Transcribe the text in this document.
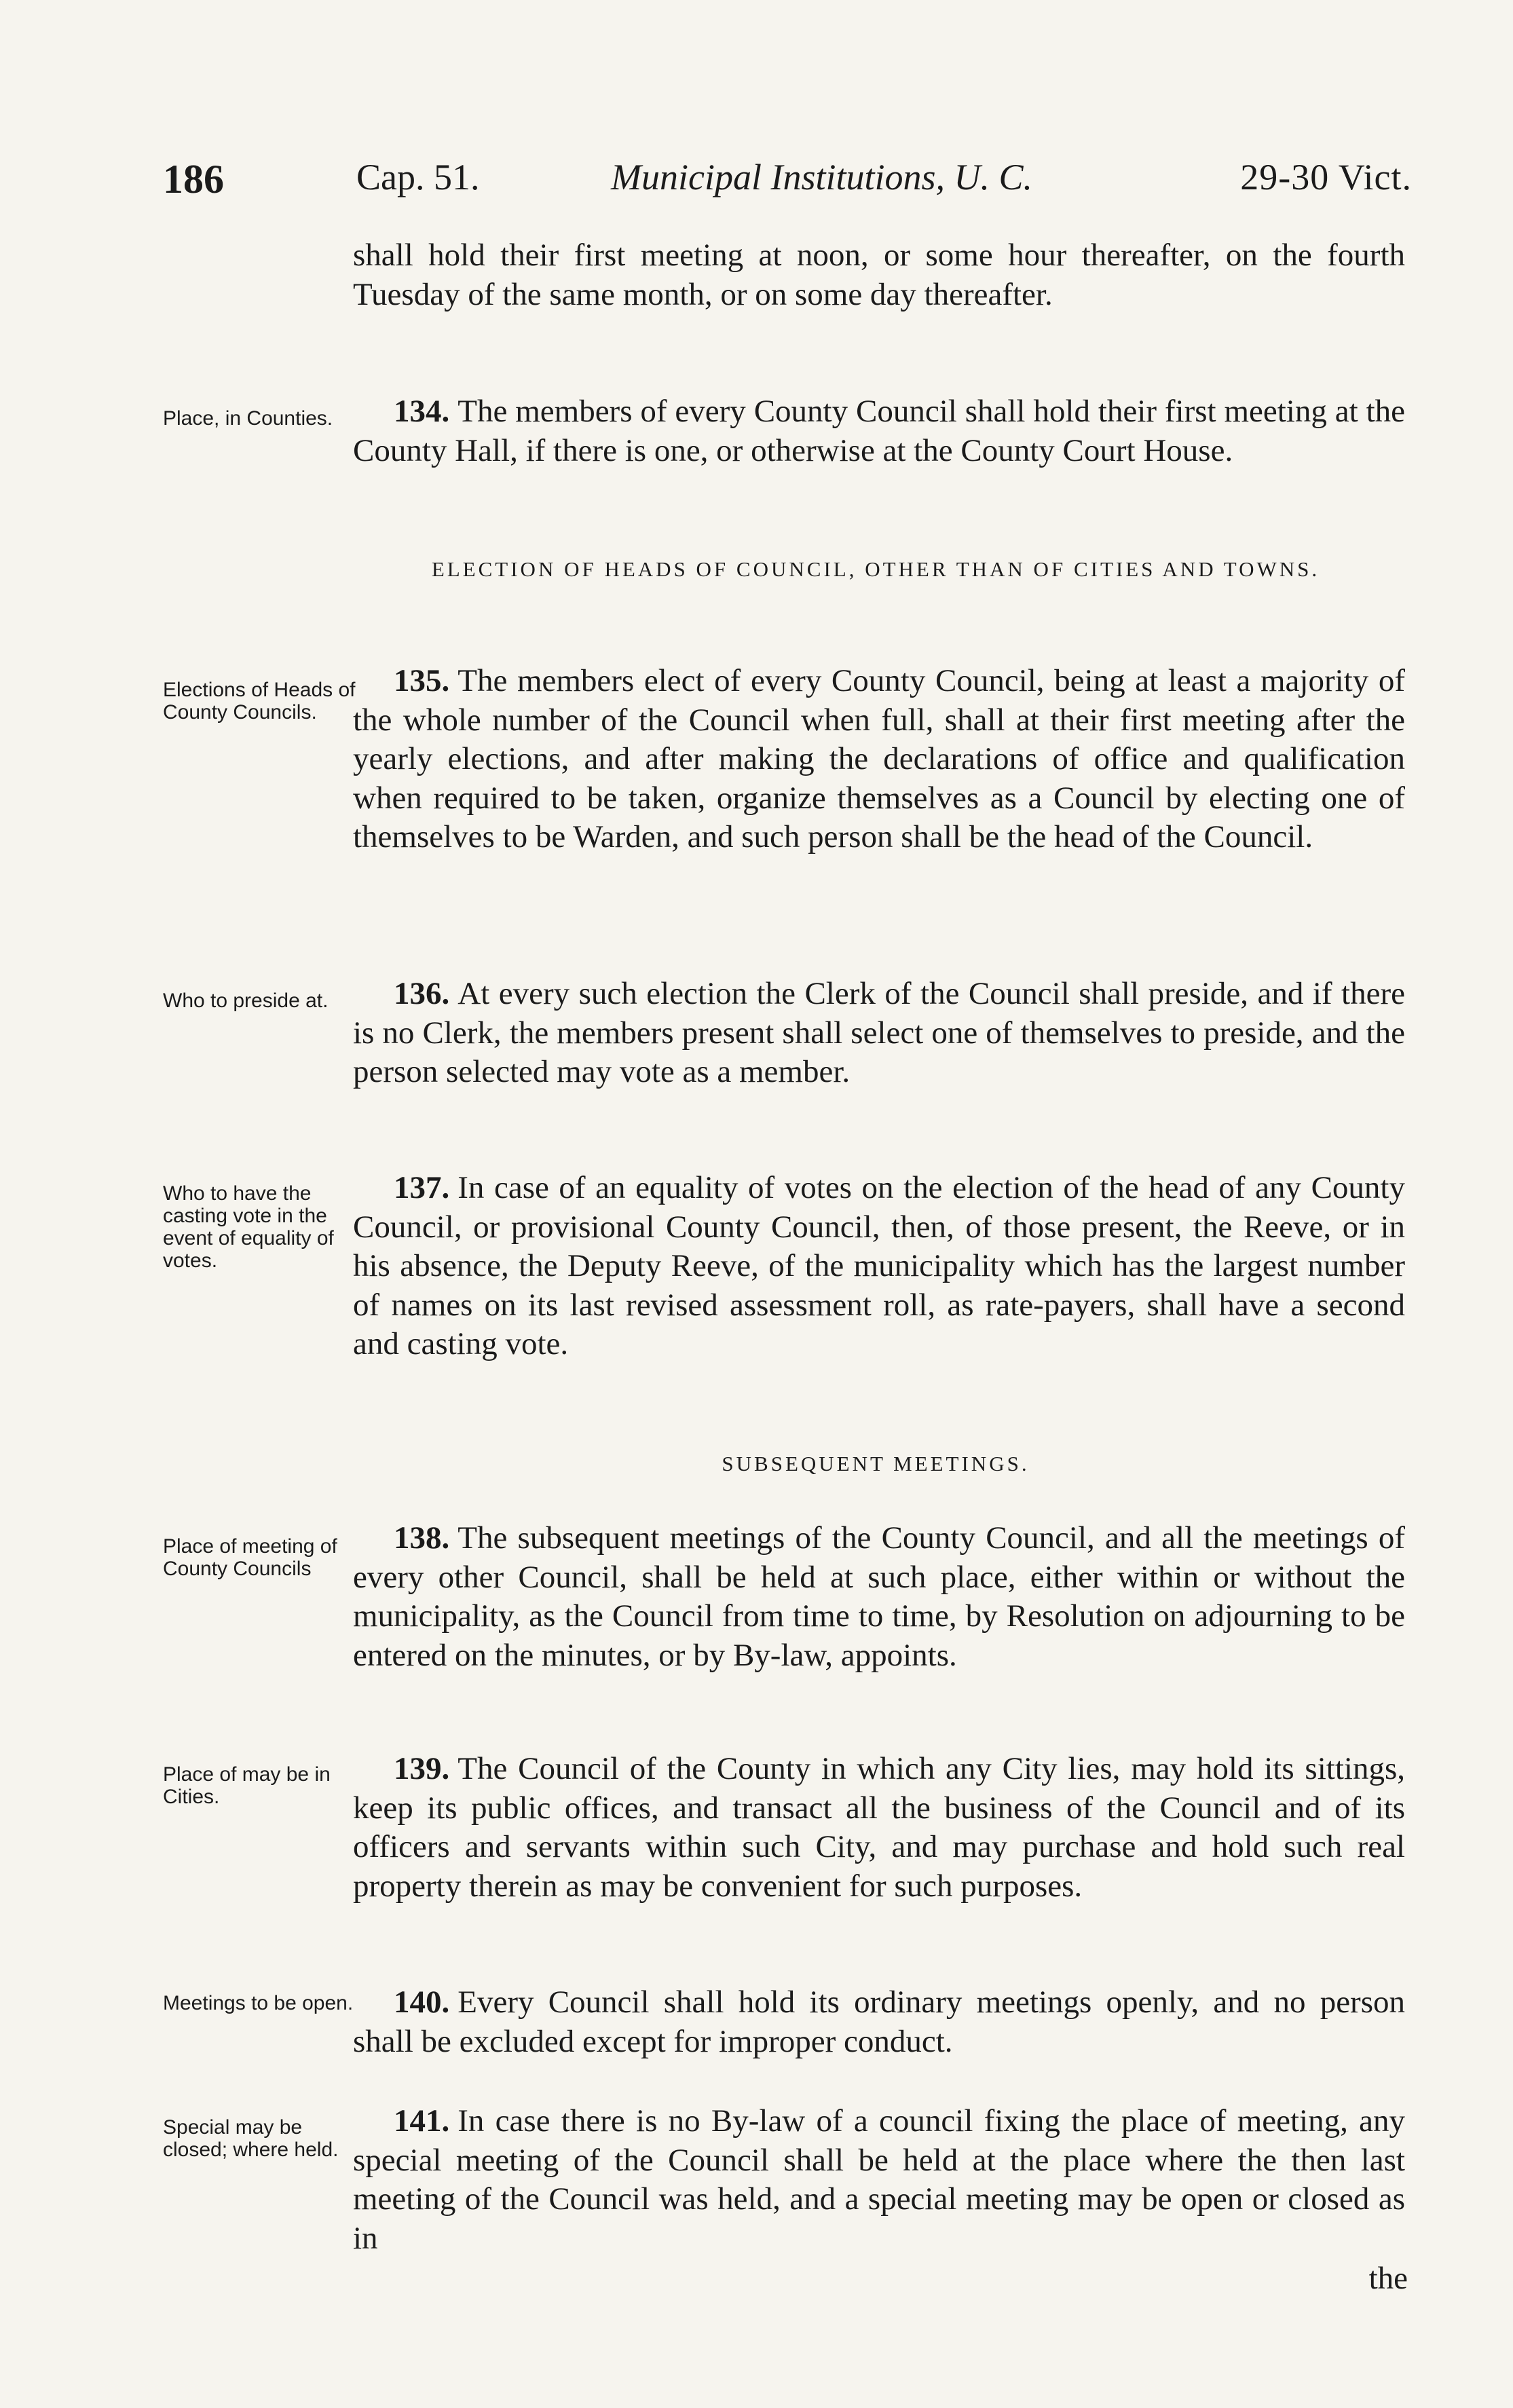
186	Cap. 51.	Municipal Institutions, U. C.	29-30 Vict.
shall hold their first meeting at noon, or some hour thereafter, on the fourth Tuesday of the same month, or on some day thereafter.
Place, in Counties.	134. The members of every County Council shall hold their first meeting at the County Hall, if there is one, or otherwise at the County Court House.
ELECTION OF HEADS OF COUNCIL, OTHER THAN OF CITIES AND TOWNS.
Elections of Heads of County Councils.
135. The members elect of every County Council, being at least a majority of the whole number of the Council when full, shall at their first meeting after the yearly elections, and after making the declarations of office and qualification when required to be taken, organize themselves as a Council by electing one of themselves to be Warden, and such person shall be the head of the Council.
Who to preside at.	136. At every such election the Clerk of the Council shall preside, and if there is no Clerk, the members present shall select one of themselves to preside, and the person selected may vote as a member.
Who to have the casting vote in the event of equality of votes.
137. In case of an equality of votes on the election of the head of any County Council, or provisional County Council, then, of those present, the Reeve, or in his absence, the Deputy Reeve, of the municipality which has the largest number of names on its last revised assessment roll, as rate-payers, shall have a second and casting vote.
SUBSEQUENT MEETINGS.
Place of meeting of County Councils
138. The subsequent meetings of the County Council, and all the meetings of every other Council, shall be held at such place, either within or without the municipality, as the Council from time to time, by Resolution on adjourning to be entered on the minutes, or by By-law, appoints.
Place of may be in Cities.
139. The Council of the County in which any City lies, may hold its sittings, keep its public offices, and transact all the business of the Council and of its officers and servants within such City, and may purchase and hold such real property therein as may be convenient for such purposes.
Meetings to be open.	140. Every Council shall hold its ordinary meetings openly, and no person shall be excluded except for improper conduct.
Special may be closed; where held.
141. In case there is no By-law of a council fixing the place of meeting, any special meeting of the Council shall be held at the place where the then last meeting of the Council was held, and a special meeting may be open or closed as in
the
